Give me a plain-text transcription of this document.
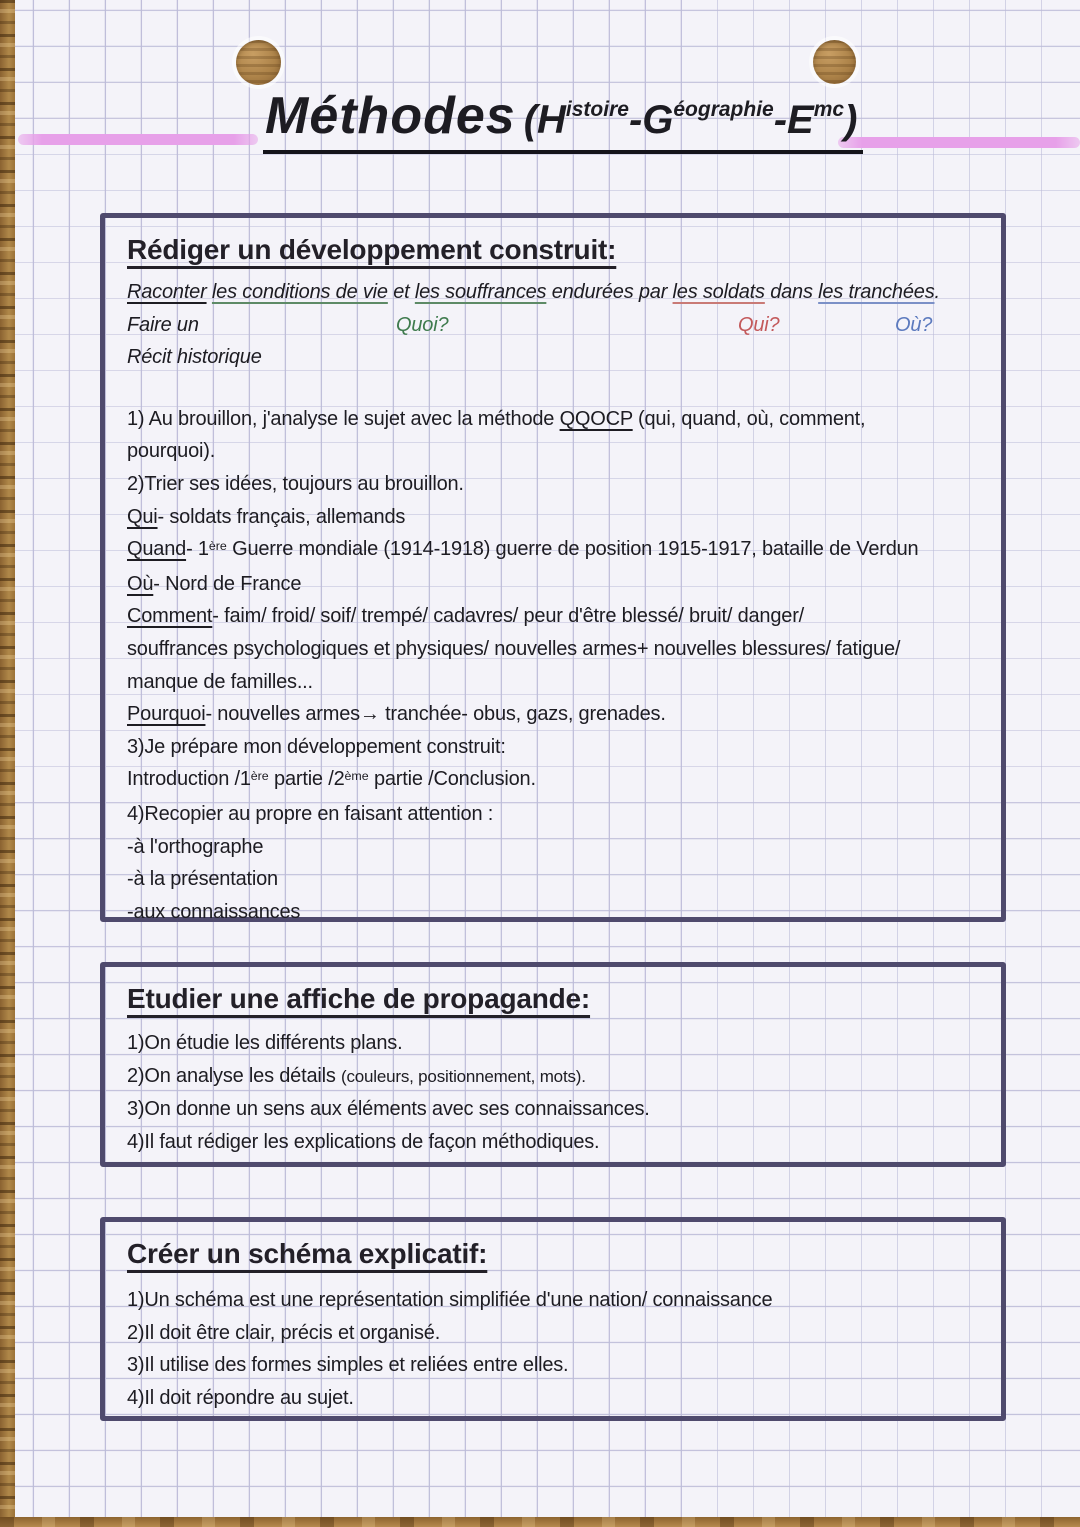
Méthodes $(H^{istoire}-G^{éographie}-E^{mc})$
Rédiger un développement construit:
Raconter les conditions de vie et les souffrances endurées par les soldats dans les tranchées.
Faire un	Quoi?	Qui?	Où?
Récit historique
1) Au brouillon, j'analyse le sujet avec la méthode QQOCP (qui, quand, où, comment,
pourquoi).
2)Trier ses idées, toujours au brouillon.
Qui- soldats français, allemands
Quand- 1ère Guerre mondiale (1914-1918) guerre de position 1915-1917, bataille de Verdun
Où- Nord de France
Comment- faim/ froid/ soif/ trempé/ cadavres/ peur d'être blessé/ bruit/ danger/
souffrances psychologiques et physiques/ nouvelles armes+ nouvelles blessures/ fatigue/
manque de familles...
Pourquoi- nouvelles armes→ tranchée- obus, gazs, grenades.
3)Je prépare mon développement construit:
Introduction /1ère partie /2ème partie /Conclusion.
4)Recopier au propre en faisant attention :
-à l'orthographe
-à la présentation
-aux connaissances
Etudier une affiche de propagande:
1)On étudie les différents plans.
2)On analyse les détails (couleurs, positionnement, mots).
3)On donne un sens aux éléments avec ses connaissances.
4)Il faut rédiger les explications de façon méthodiques.
Créer un schéma explicatif:
1)Un schéma est une représentation simplifiée d'une nation/ connaissance
2)Il doit être clair, précis et organisé.
3)Il utilise des formes simples et reliées entre elles.
4)Il doit répondre au sujet.
